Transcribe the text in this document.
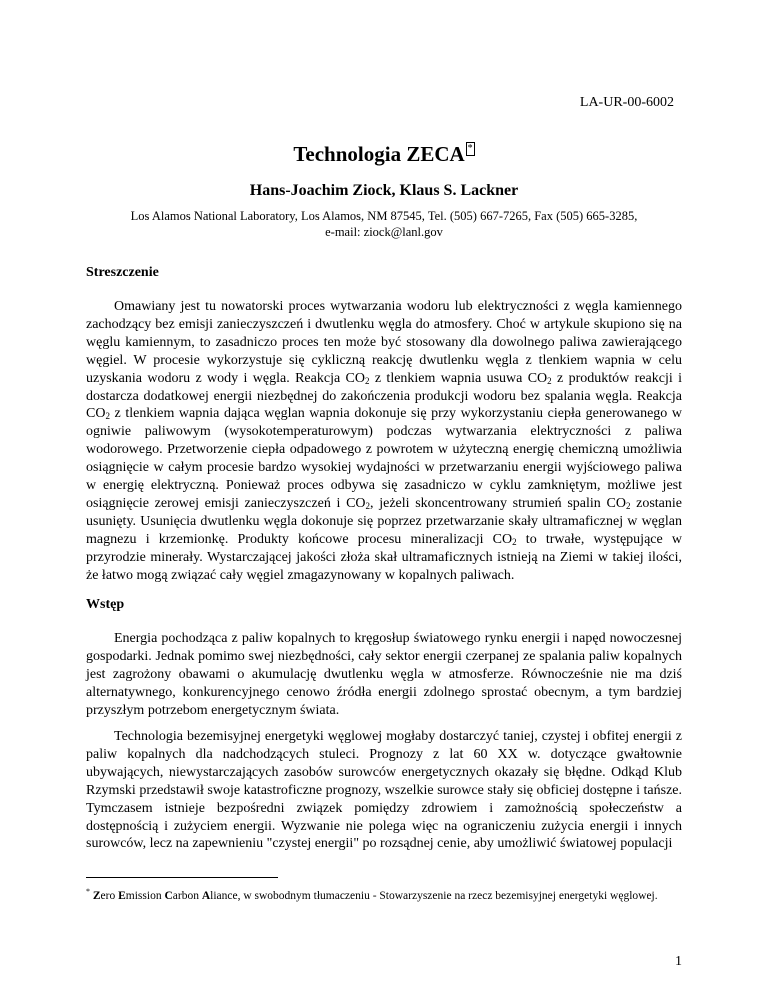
LA-UR-00-6002
Technologia ZECA *
Hans-Joachim Ziock, Klaus S. Lackner
Los Alamos National Laboratory, Los Alamos, NM 87545, Tel. (505) 667-7265, Fax (505) 665-3285,
e-mail: ziock@lanl.gov
Streszczenie

Omawiany jest tu nowatorski proces wytwarzania wodoru lub elektryczności z węgla kamiennego zachodzący bez emisji zanieczyszczeń i dwutlenku węgla do atmosfery. Choć w artykule skupiono się na węglu kamiennym, to zasadniczo proces ten może być stosowany dla dowolnego paliwa zawierającego węgiel. W procesie wykorzystuje się cykliczną reakcję dwutlenku węgla z tlenkiem wapnia w celu uzyskania wodoru z wody i węgla. Reakcja $CO_2$ z tlenkiem wapnia usuwa $CO_2$ z produktów reakcji i dostarcza dodatkowej energii niezbędnej do zakończenia produkcji wodoru bez spalania węgla. Reakcja $CO_2$ z tlenkiem wapnia dająca węglan wapnia dokonuje się przy wykorzystaniu ciepła generowanego w ogniwie paliwowym (wysokotemperaturowym) podczas wytwarzania elektryczności z paliwa wodorowego. Przetworzenie ciepła odpadowego z powrotem w użyteczną energię chemiczną umożliwia osiągnięcie w całym procesie bardzo wysokiej wydajności w przetwarzaniu energii wyjściowego paliwa w energię elektryczną. Ponieważ proces odbywa się zasadniczo w cyklu zamkniętym, możliwe jest osiągnięcie zerowej emisji zanieczyszczeń i $CO_2$, jeżeli skoncentrowany strumień spalin $CO_2$ zostanie usunięty. Usunięcia dwutlenku węgla dokonuje się poprzez przetwarzanie skały ultramaficznej w węglan magnezu i krzemionkę. Produkty końcowe procesu mineralizacji $CO_2$ to trwałe, występujące w przyrodzie minerały. Wystarczającej jakości złoża skał ultramaficznych istnieją na Ziemi w takiej ilości, że łatwo mogą związać cały węgiel zmagazynowany w kopalnych paliwach.

Wstęp

Energia pochodząca z paliw kopalnych to kręgosłup światowego rynku energii i napęd nowoczesnej gospodarki. Jednak pomimo swej niezbędności, cały sektor energii czerpanej ze spalania paliw kopalnych jest zagrożony obawami o akumulację dwutlenku węgla w atmosferze. Równocześnie nie ma dziś alternatywnego, konkurencyjnego cenowo źródła energii zdolnego sprostać obecnym, a tym bardziej przyszłym potrzebom energetycznym świata.

Technologia bezemisyjnej energetyki węglowej mogłaby dostarczyć taniej, czystej i obfitej energii z paliw kopalnych dla nadchodzących stuleci. Prognozy z lat 60 XX w. dotyczące gwałtownie ubywających, niewystarczających zasobów surowców energetycznych okazały się błędne. Odkąd Klub Rzymski przedstawił swoje katastroficzne prognozy, wszelkie surowce stały się obficiej dostępne i tańsze. Tymczasem istnieje bezpośredni związek pomiędzy zdrowiem i zamożnością społeczeństw a dostępnością i zużyciem energii. Wyzwanie nie polega więc na ograniczeniu zużycia energii i innych surowców, lecz na zapewnieniu "czystej energii" po rozsądnej cenie, aby umożliwić światowej populacji

* Zero Emission Carbon Aliance, w swobodnym tłumaczeniu - Stowarzyszenie na rzecz bezemisyjnej energetyki węglowej.
1
